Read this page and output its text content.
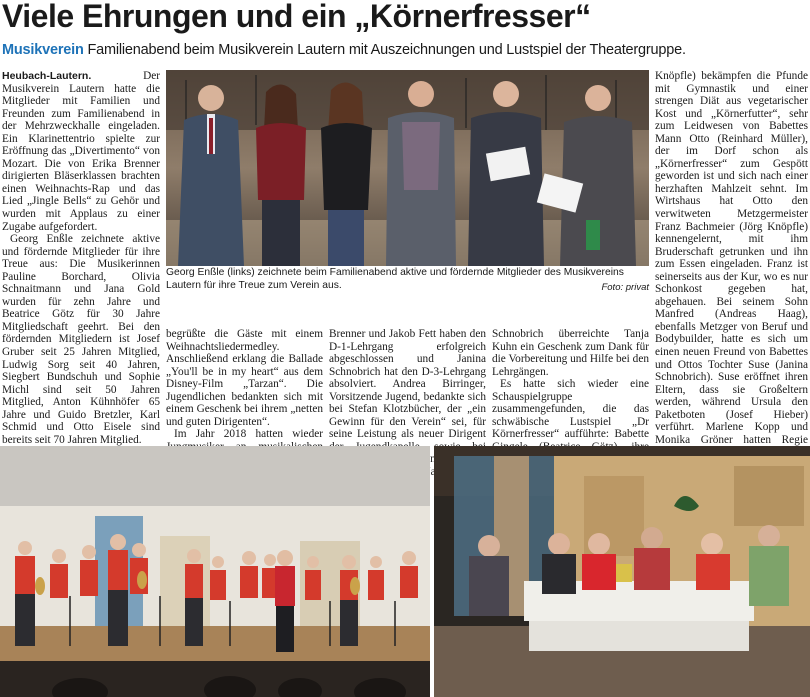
Viele Ehrungen und ein „Körnerfresser“
Musikverein Familienabend beim Musikverein Lautern mit Auszeichnungen und Lustspiel der Theatergruppe.

Heubach-Lautern.	Der Musikverein Lautern hatte die Mitglieder mit Familien und Freunden zum Familienabend in der Mehrzweckhalle eingeladen. Ein Klarinettentrio spielte zur Eröffnung das „Divertimento“ von Mozart. Die von Erika Brenner dirigierten Bläserklassen brachten einen Weihnachts-Rap und das Lied „Jingle Bells“ zu Gehör und wurden mit Applaus zu einer Zugabe aufgefordert.

Georg Enßle zeichnete aktive und fördernde Mitglieder für ihre Treue aus: Die Musikerinnen Pauline Borchard, Olivia Schnaitmann und Jana Gold wurden für zehn Jahre und Beatrice Götz für 30 Jahre Mitgliedschaft geehrt. Bei den fördernden Mitgliedern ist Josef Gruber seit 25 Jahren Mitglied, Ludwig Sorg seit 40 Jahren, Siegbert Bundschuh und Sophie Michl sind seit 50 Jahren Mitglied, Anton Kühnhöfer 65 Jahre und Guido Bretzler, Karl Schmid und Otto Eisele sind bereits seit 70 Jahren Mitglied.

Georg Enßle (links) zeichnete beim Familienabend aktive und fördernde Mitglieder des Musikvereins Lautern für ihre Treue zum Verein aus.	Foto: privat

begrüßte die Gäste mit einem Weihnachtsliedermedley. Anschließend erklang die Ballade „You'll be in my heart“ aus dem Disney-Film „Tarzan“. Die Jugendlichen bedankten sich mit einem Geschenk bei ihrem „netten und guten Dirigenten“.

Im Jahr 2018 hatten wieder

Brenner und Jakob Fett haben den D-1-Lehrgang erfolgreich abgeschlossen und Janina Schnobrich hat den D-3-Lehrgang absolviert. Andrea Birringer, Vorsitzende Jugend, bedankte sich bei Stefan Klotzbücher, der „ein Gewinn für den Verein“ sei, für seine Leistung als neuer Dirigent

Schnobrich überreichte Tanja Kuhn ein Geschenk zum Dank für die Vorbereitung und Hilfe bei den Lehrgängen.

Es hatte sich wieder eine Schauspielgruppe zusammengefunden, die das schwäbische Lustspiel „Dr Körnerfresser“ aufführte: Babette

Knöpfle) bekämpfen die Pfunde mit Gymnastik und einer strengen Diät aus vegetarischer Kost und „Körnerfutter“, sehr zum Leidwesen von Babettes Mann Otto (Reinhard Müller), der im Dorf schon als „Körnerfresser“ zum Gespött geworden ist und sich nach einer herzhaften Mahlzeit sehnt. Im Wirtshaus hat Otto den verwitweten Metzgermeister Franz Bachmeier (Jörg Knöpfle) kennengelernt, mit ihm Bruderschaft getrunken und ihn zum Essen eingeladen. Franz ist seinerseits aus der Kur, wo es nur Schonkost gegeben hat, abgehauen. Bei seinem Sohn Manfred (Andreas Haag), ebenfalls Metzger von Beruf und Bodybuilder, hatte es sich um einen neuen Freund von Babettes und Ottos Tochter Suse (Janina Schnobrich). Suse eröffnet ihren Eltern, dass sie Großeltern werden, während Ursula den Paketboten (Josef Hieber) verführt. Marlene Kopp und Monika Gröner hatten Regie
